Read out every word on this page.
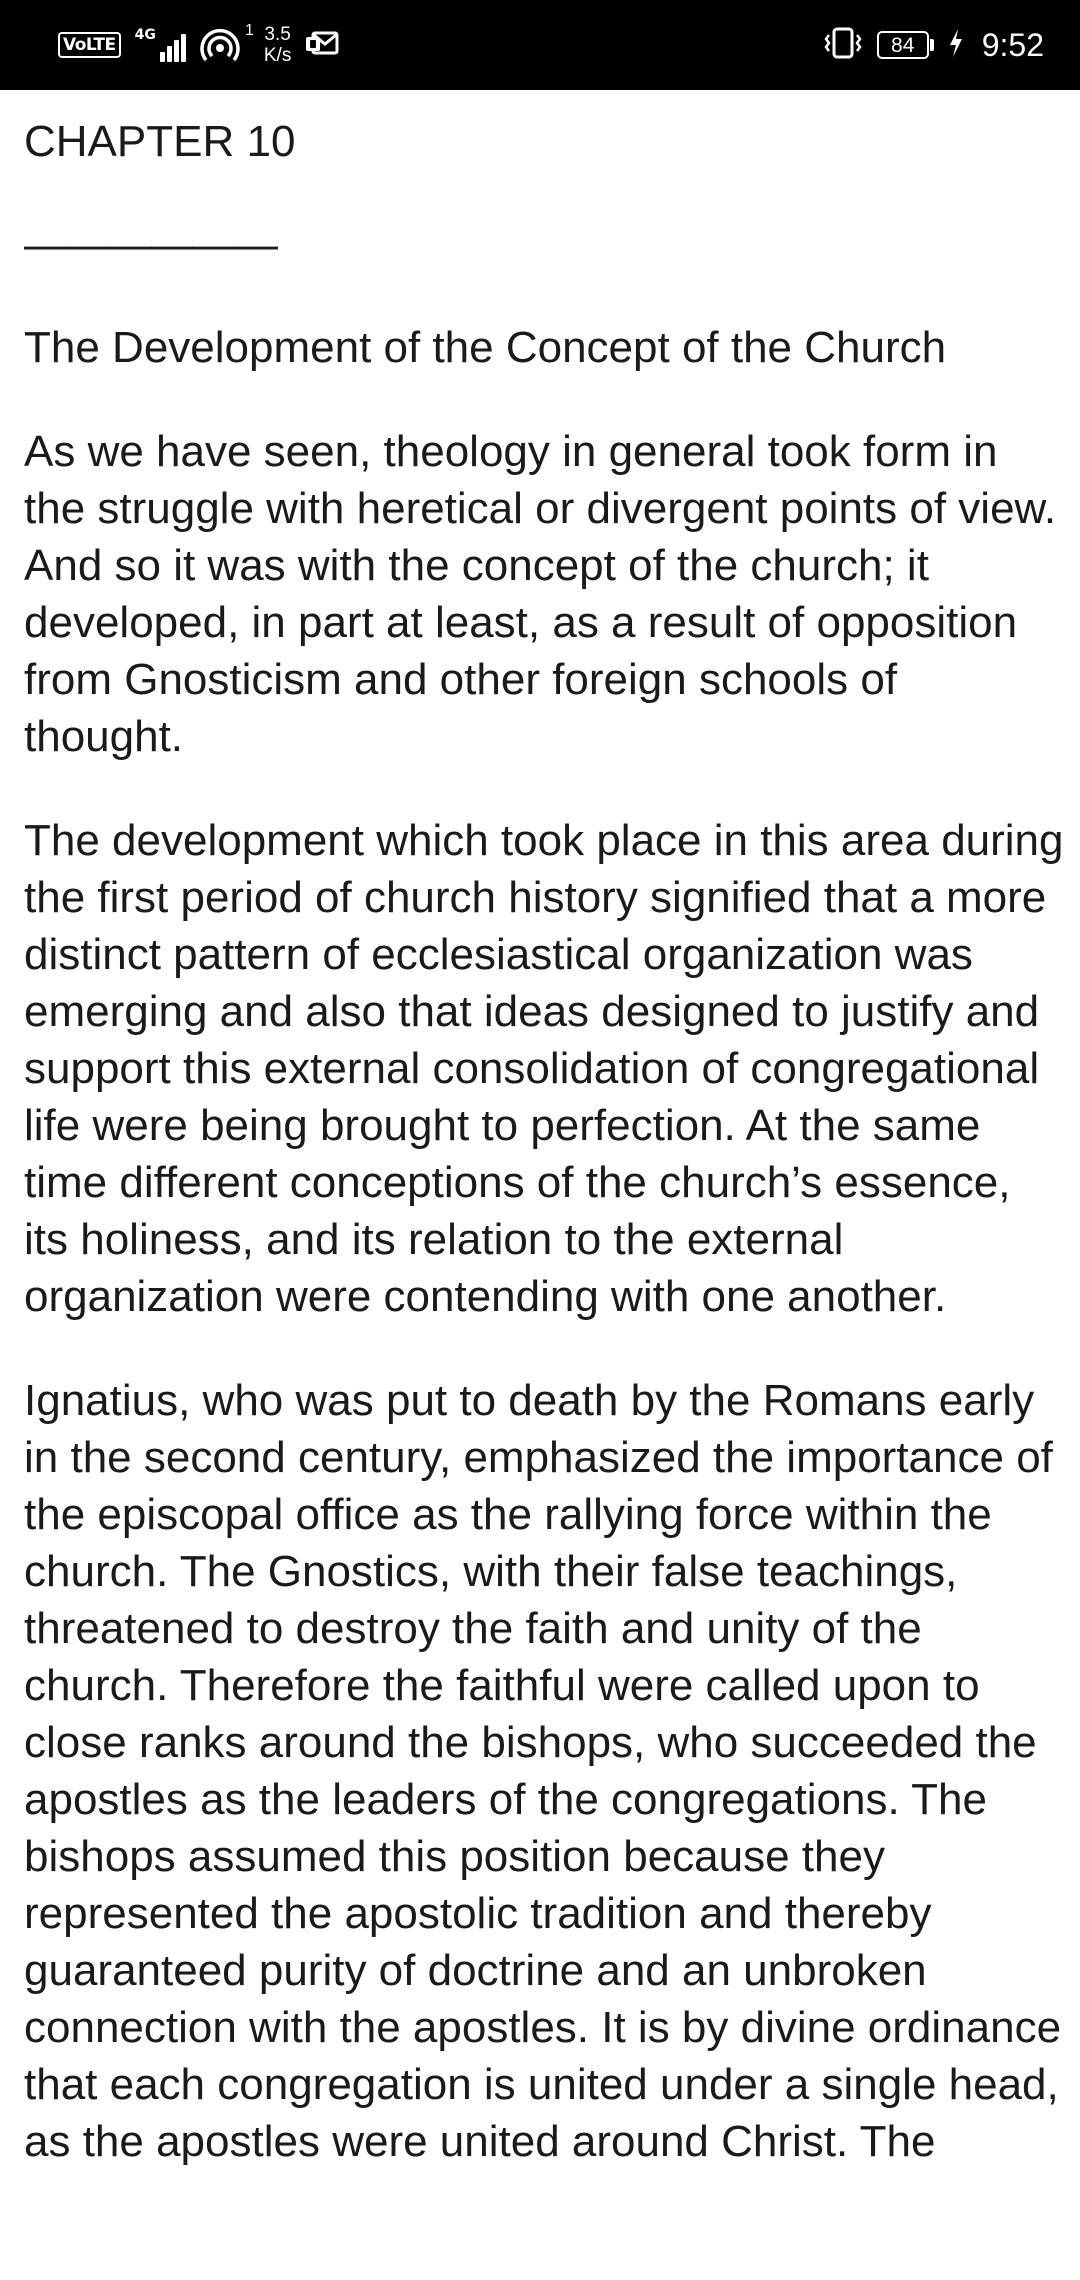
VoLTE	4G	1 3.5
K/s	84	9:52
CHAPTER 10
——————
The Development of the Concept of the Church

As we have seen, theology in general took form in the struggle with heretical or divergent points of view. And so it was with the concept of the church; it developed, in part at least, as a result of opposition from Gnosticism and other foreign schools of thought.

The development which took place in this area during the first period of church history signified that a more distinct pattern of ecclesiastical organization was emerging and also that ideas designed to justify and support this external consolidation of congregational life were being brought to perfection. At the same time different conceptions of the church’s essence, its holiness, and its relation to the external organization were contending with one another.

Ignatius, who was put to death by the Romans early in the second century, emphasized the importance of the episcopal office as the rallying force within the church. The Gnostics, with their false teachings, threatened to destroy the faith and unity of the church. Therefore the faithful were called upon to close ranks around the bishops, who succeeded the apostles as the leaders of the congregations. The bishops assumed this position because they represented the apostolic tradition and thereby guaranteed purity of doctrine and an unbroken connection with the apostles. It is by divine ordinance that each congregation is united under a single head, as the apostles were united around Christ. The
